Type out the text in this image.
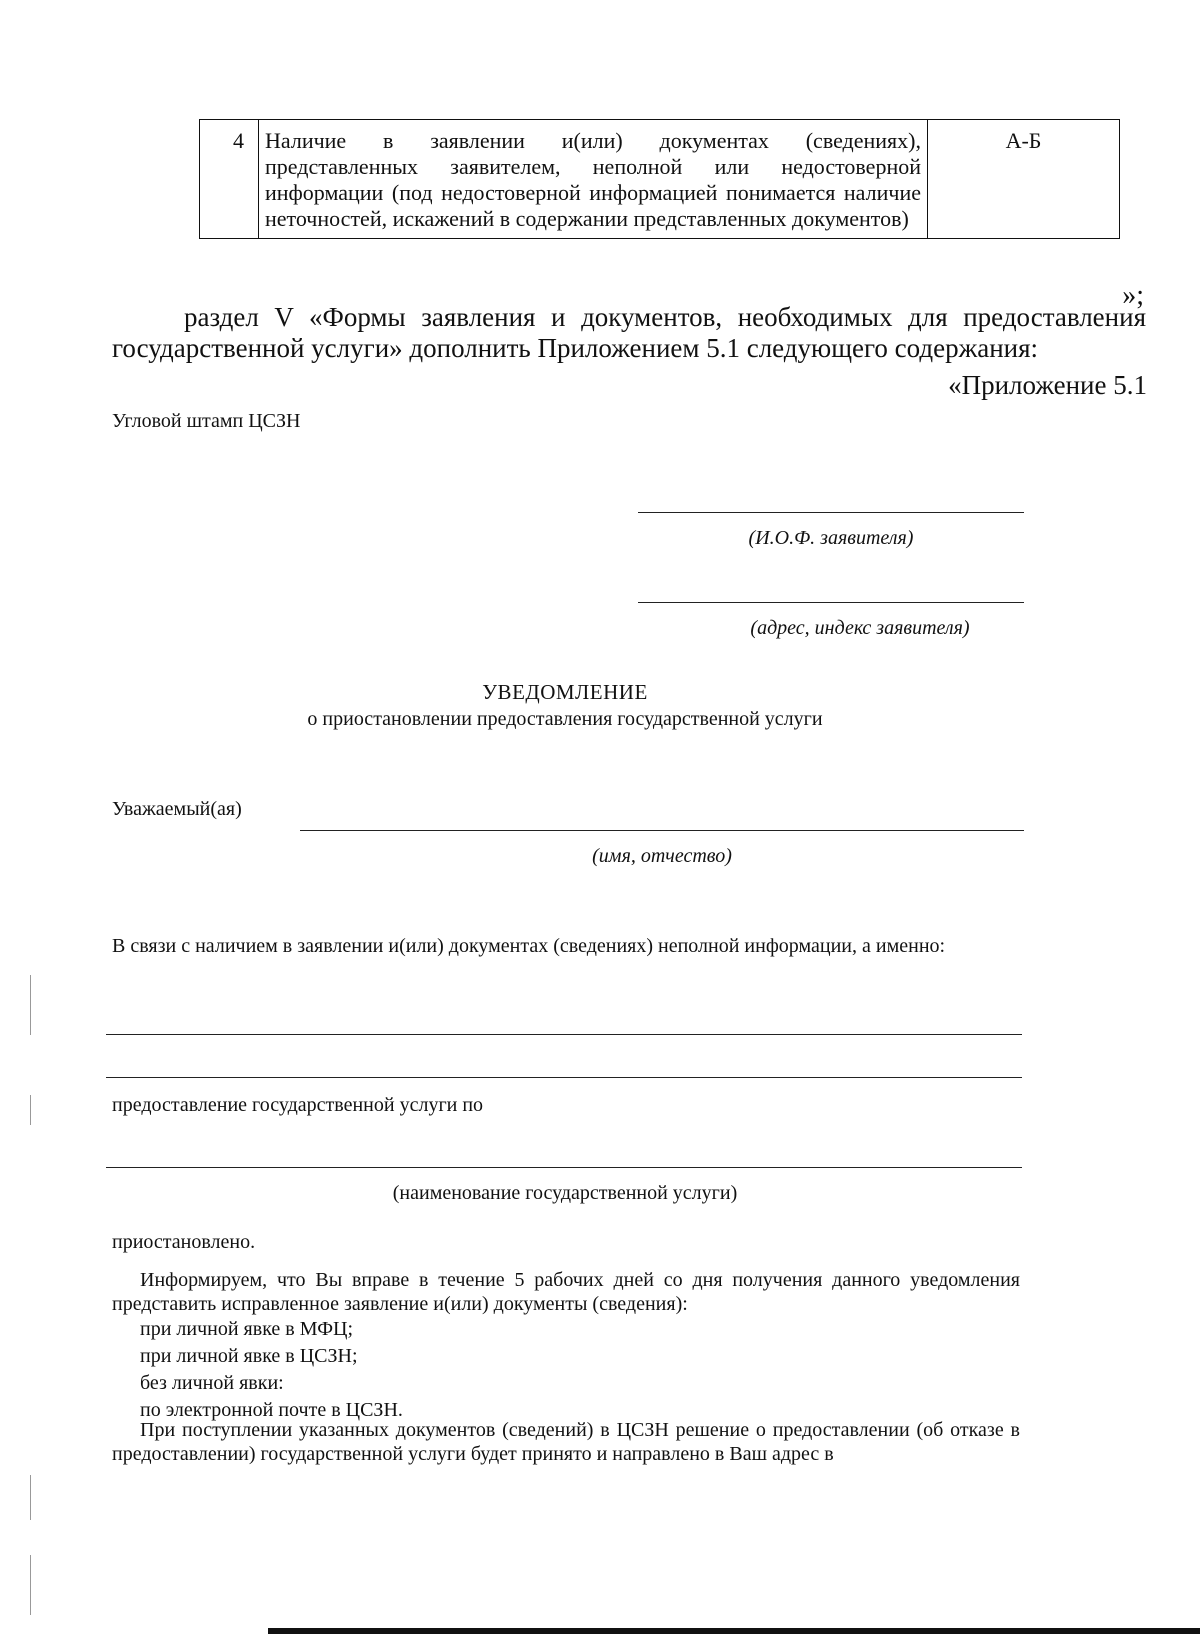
4	Наличие в заявлении и(или) документах (сведениях), представленных заявителем, неполной или недостоверной информации (под недостоверной информацией понимается наличие неточностей, искажений в содержании представленных документов)	А-Б
»;
раздел V «Формы заявления и документов, необходимых для предоставления государственной услуги» дополнить Приложением 5.1 следующего содержания:
«Приложение 5.1
Угловой штамп ЦСЗН
(И.О.Ф. заявителя)
(адрес, индекс заявителя)
УВЕДОМЛЕНИЕ
о приостановлении предоставления государственной услуги
Уважаемый(ая)
(имя, отчество)
В связи с наличием в заявлении и(или) документах (сведениях) неполной информации, а именно:
предоставление государственной услуги по
(наименование государственной услуги)
приостановлено.
Информируем, что Вы вправе в течение 5 рабочих дней со дня получения данного уведомления представить исправленное заявление и(или) документы (сведения):
при личной явке в МФЦ;
при личной явке в ЦСЗН;
без личной явки:
по электронной почте в ЦСЗН.
При поступлении указанных документов (сведений) в ЦСЗН решение о предоставлении (об отказе в предоставлении) государственной услуги будет принято и направлено в Ваш адрес в
